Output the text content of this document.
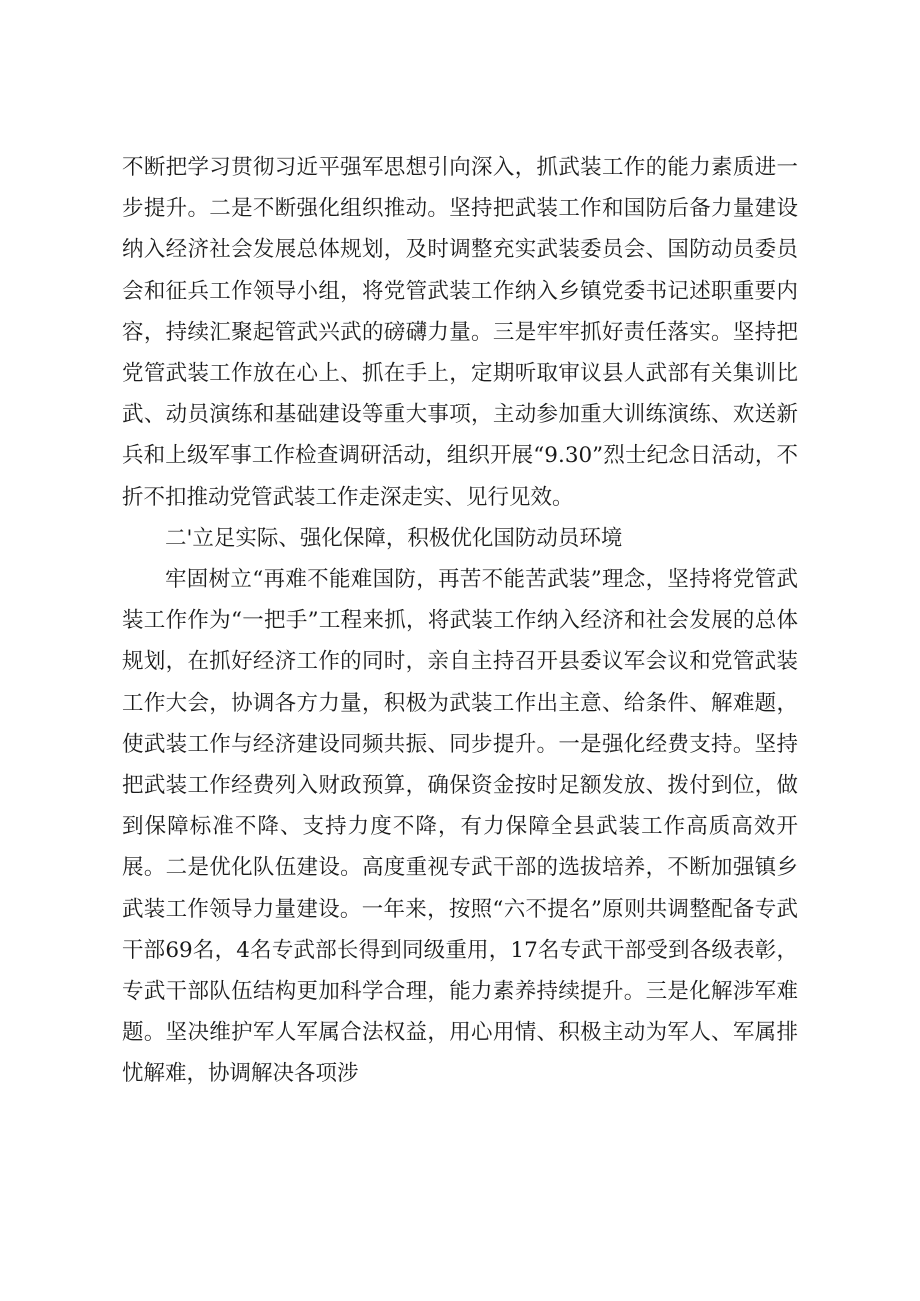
不断把学习贯彻习近平强军思想引向深入，抓武装工作的能力素质进一步提升。二是不断强化组织推动。坚持把武装工作和国防后备力量建设纳入经济社会发展总体规划，及时调整充实武装委员会、国防动员委员会和征兵工作领导小组，将党管武装工作纳入乡镇党委书记述职重要内容，持续汇聚起管武兴武的磅礴力量。三是牢牢抓好责任落实。坚持把党管武装工作放在心上、抓在手上，定期听取审议县人武部有关集训比武、动员演练和基础建设等重大事项，主动参加重大训练演练、欢送新兵和上级军事工作检查调研活动，组织开展“9.30”烈士纪念日活动，不折不扣推动党管武装工作走深走实、见行见效。

二'立足实际、强化保障，积极优化国防动员环境

牢固树立“再难不能难国防，再苦不能苦武装”理念，坚持将党管武装工作作为“一把手”工程来抓，将武装工作纳入经济和社会发展的总体规划，在抓好经济工作的同时，亲自主持召开县委议军会议和党管武装工作大会，协调各方力量，积极为武装工作出主意、给条件、解难题，使武装工作与经济建设同频共振、同步提升。一是强化经费支持。坚持把武装工作经费列入财政预算，确保资金按时足额发放、拨付到位，做到保障标准不降、支持力度不降，有力保障全县武装工作高质高效开展。二是优化队伍建设。高度重视专武干部的选拔培养，不断加强镇乡武装工作领导力量建设。一年来，按照“六不提名”原则共调整配备专武干部69名，4名专武部长得到同级重用，17名专武干部受到各级表彰，专武干部队伍结构更加科学合理，能力素养持续提升。三是化解涉军难题。坚决维护军人军属合法权益，用心用情、积极主动为军人、军属排忧解难，协调解决各项涉
